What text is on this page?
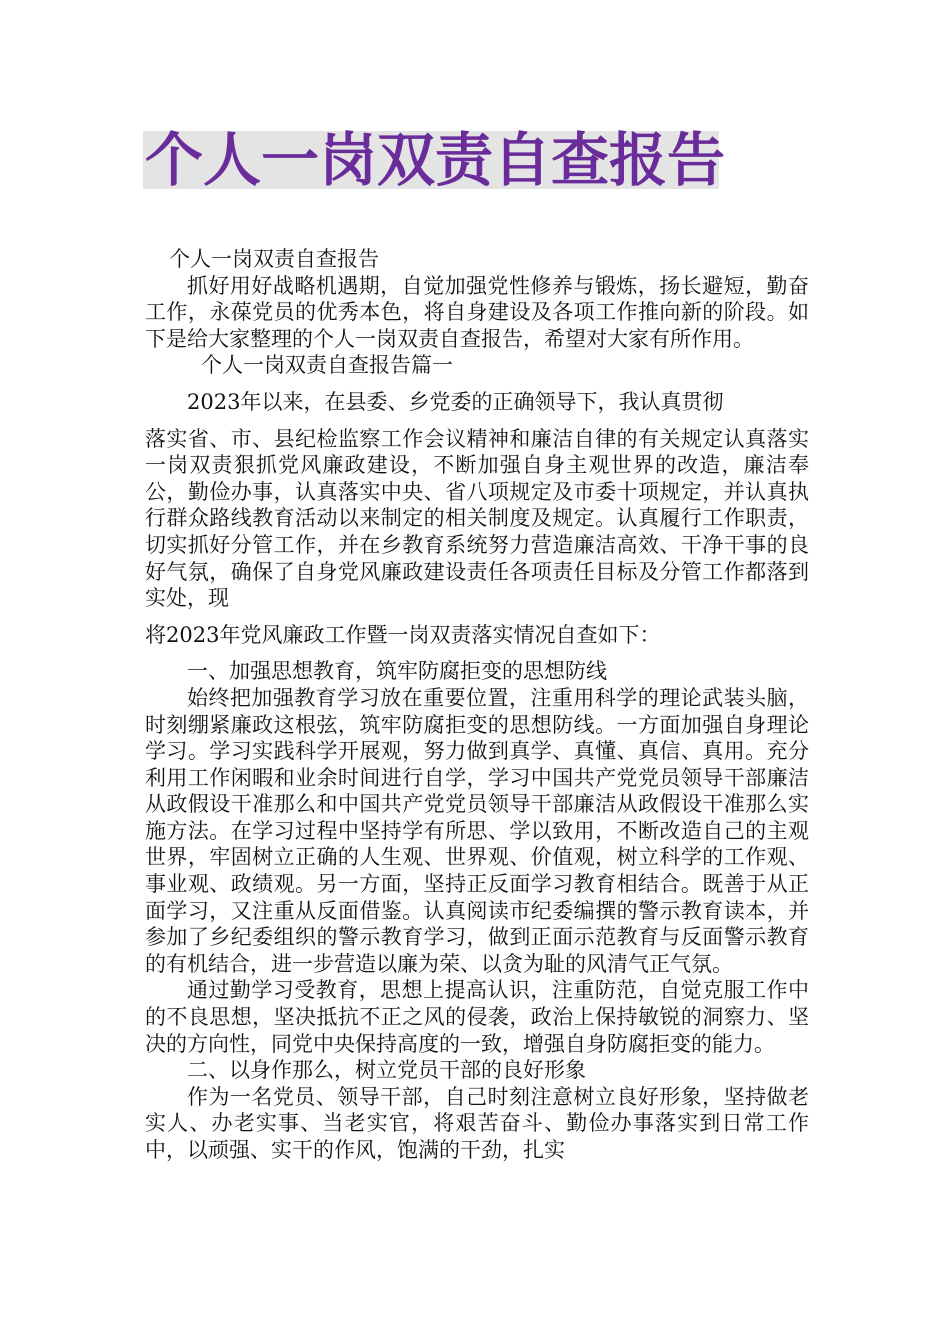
个人一岗双责自查报告

个人一岗双责自查报告

抓好用好战略机遇期，自觉加强党性修养与锻炼，扬长避短，勤奋工作，永葆党员的优秀本色，将自身建设及各项工作推向新的阶段。如下是给大家整理的个人一岗双责自查报告，希望对大家有所作用。

个人一岗双责自查报告篇一

2023年以来，在县委、乡党委的正确领导下，我认真贯彻

落实省、市、县纪检监察工作会议精神和廉洁自律的有关规定认真落实一岗双责狠抓党风廉政建设，不断加强自身主观世界的改造，廉洁奉公，勤俭办事，认真落实中央、省八项规定及市委十项规定，并认真执行群众路线教育活动以来制定的相关制度及规定。认真履行工作职责，切实抓好分管工作，并在乡教育系统努力营造廉洁高效、干净干事的良好气氛，确保了自身党风廉政建设责任各项责任目标及分管工作都落到实处，现

将2023年党风廉政工作暨一岗双责落实情况自查如下：

一、加强思想教育，筑牢防腐拒变的思想防线

始终把加强教育学习放在重要位置，注重用科学的理论武装头脑，时刻绷紧廉政这根弦，筑牢防腐拒变的思想防线。一方面加强自身理论学习。学习实践科学开展观，努力做到真学、真懂、真信、真用。充分利用工作闲暇和业余时间进行自学，学习中国共产党党员领导干部廉洁从政假设干准那么和中国共产党党员领导干部廉洁从政假设干准那么实施方法。在学习过程中坚持学有所思、学以致用，不断改造自己的主观世界，牢固树立正确的人生观、世界观、价值观，树立科学的工作观、事业观、政绩观。另一方面，坚持正反面学习教育相结合。既善于从正面学习，又注重从反面借鉴。认真阅读市纪委编撰的警示教育读本，并参加了乡纪委组织的警示教育学习，做到正面示范教育与反面警示教育的有机结合，进一步营造以廉为荣、以贪为耻的风清气正气氛。

通过勤学习受教育，思想上提高认识，注重防范，自觉克服工作中的不良思想，坚决抵抗不正之风的侵袭，政治上保持敏锐的洞察力、坚决的方向性，同党中央保持高度的一致，增强自身防腐拒变的能力。

二、以身作那么，树立党员干部的良好形象

作为一名党员、领导干部，自己时刻注意树立良好形象，坚持做老实人、办老实事、当老实官，将艰苦奋斗、勤俭办事落实到日常工作中，以顽强、实干的作风，饱满的干劲，扎实
